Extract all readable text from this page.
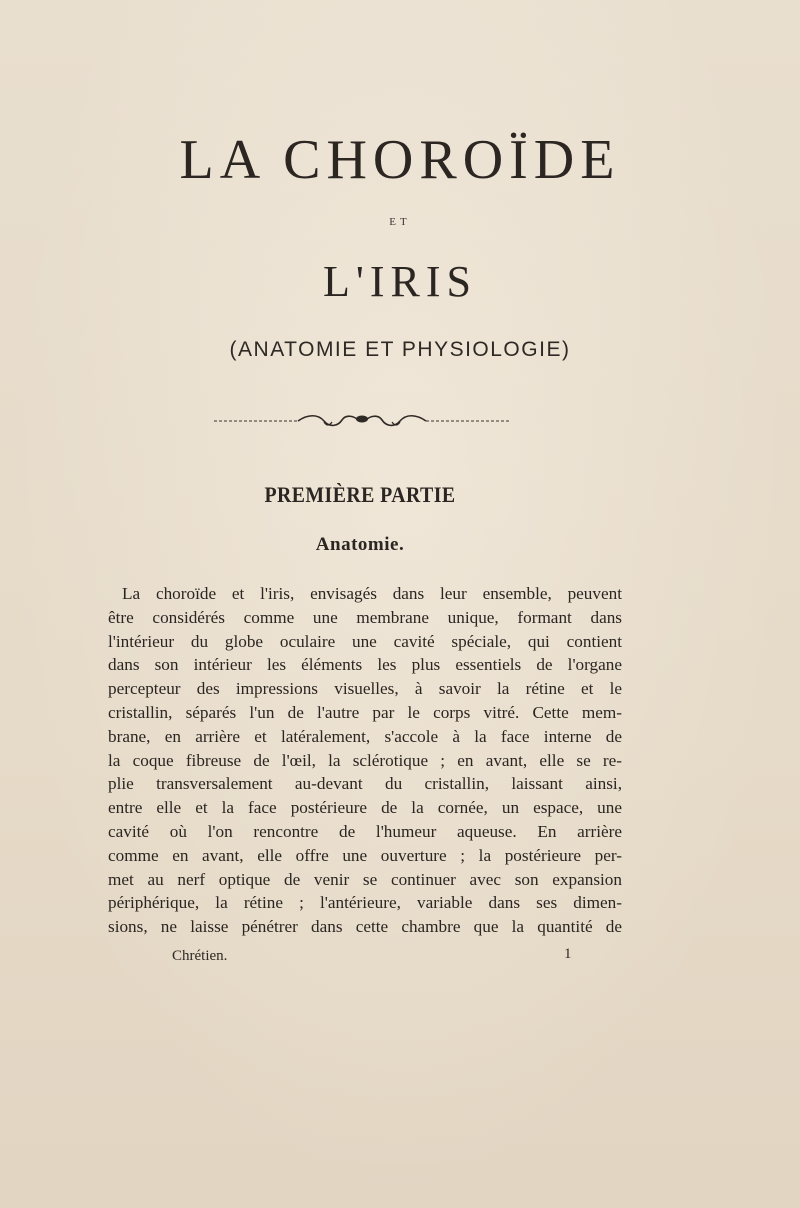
LA CHOROÏDE
ET
L'IRIS
(ANATOMIE ET PHYSIOLOGIE)
PREMIÈRE PARTIE
Anatomie.
La choroïde et l'iris, envisagés dans leur ensemble, peuvent
être considérés comme une membrane unique, formant dans
l'intérieur du globe oculaire une cavité spéciale, qui contient
dans son intérieur les éléments les plus essentiels de l'organe
percepteur des impressions visuelles, à savoir la rétine et le
cristallin, séparés l'un de l'autre par le corps vitré. Cette mem-
brane, en arrière et latéralement, s'accole à la face interne de
la coque fibreuse de l'œil, la sclérotique ; en avant, elle se re-
plie transversalement au-devant du cristallin, laissant ainsi,
entre elle et la face postérieure de la cornée, un espace, une
cavité où l'on rencontre de l'humeur aqueuse. En arrière
comme en avant, elle offre une ouverture ; la postérieure per-
met au nerf optique de venir se continuer avec son expansion
périphérique, la rétine ; l'antérieure, variable dans ses dimen-
sions, ne laisse pénétrer dans cette chambre que la quantité de
Chrétien.	1
